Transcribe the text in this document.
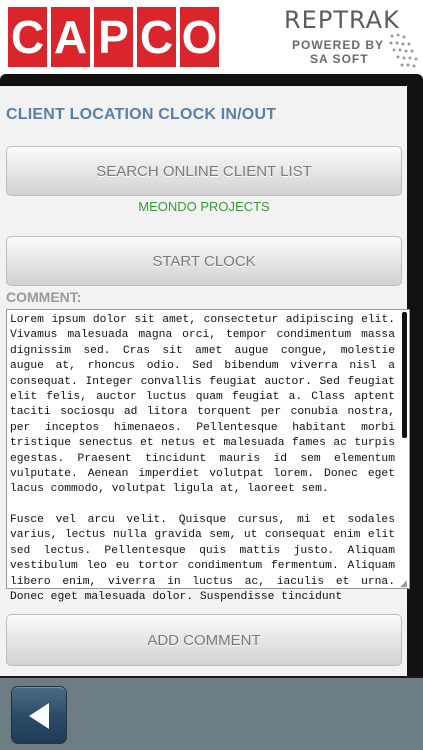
C A P C O	REPTRAK
POWERED BY
SA SOFT
CLIENT LOCATION CLOCK IN/OUT
SEARCH ONLINE CLIENT LIST
MEONDO PROJECTS
START CLOCK
COMMENT:

Lorem ipsum dolor sit amet, consectetur adipiscing elit. Vivamus malesuada magna orci, tempor condimentum massa dignissim sed. Cras sit amet augue congue, molestie augue at, rhoncus odio. Sed bibendum viverra nisl a consequat. Integer convallis feugiat auctor. Sed feugiat elit felis, auctor luctus quam feugiat a. Class aptent taciti sociosqu ad litora torquent per conubia nostra, per inceptos himenaeos. Pellentesque habitant morbi tristique senectus et netus et malesuada fames ac turpis egestas. Praesent tincidunt mauris id sem elementum vulputate. Aenean imperdiet volutpat lorem. Donec eget lacus commodo, volutpat ligula at, laoreet sem.

Fusce vel arcu velit. Quisque cursus, mi et sodales varius, lectus nulla gravida sem, ut consequat enim elit sed lectus. Pellentesque quis mattis justo. Aliquam vestibulum leo eu tortor condimentum fermentum. Aliquam libero enim, viverra in luctus ac, iaculis et urna. Donec eget malesuada dolor. Suspendisse tincidunt

◢
ADD COMMENT
